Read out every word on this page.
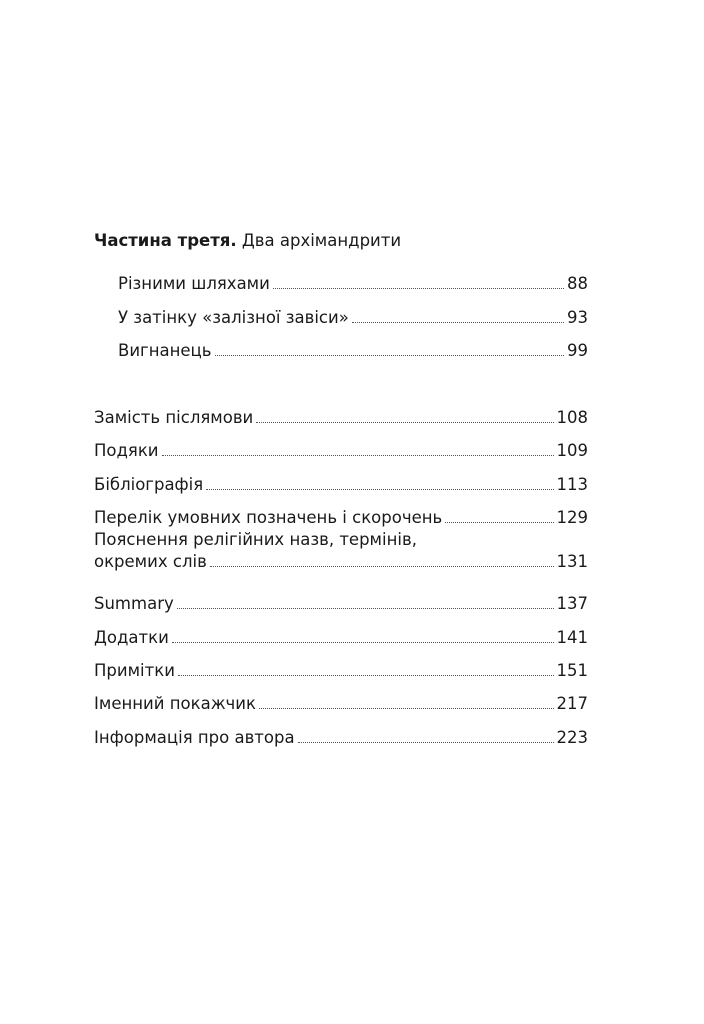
Частина третя. Два архімандрити
Різними шляхами	88
У затінку «залізної завіси»	93
Вигнанець	99
Замість післямови	108
Подяки	109
Бібліографія	113
Перелік умовних позначень і скорочень	129
Пояснення релігійних назв, термінів,
окремих слів	131
Summary	137
Додатки	141
Примітки	151
Іменний покажчик	217
Інформація про автора	223
